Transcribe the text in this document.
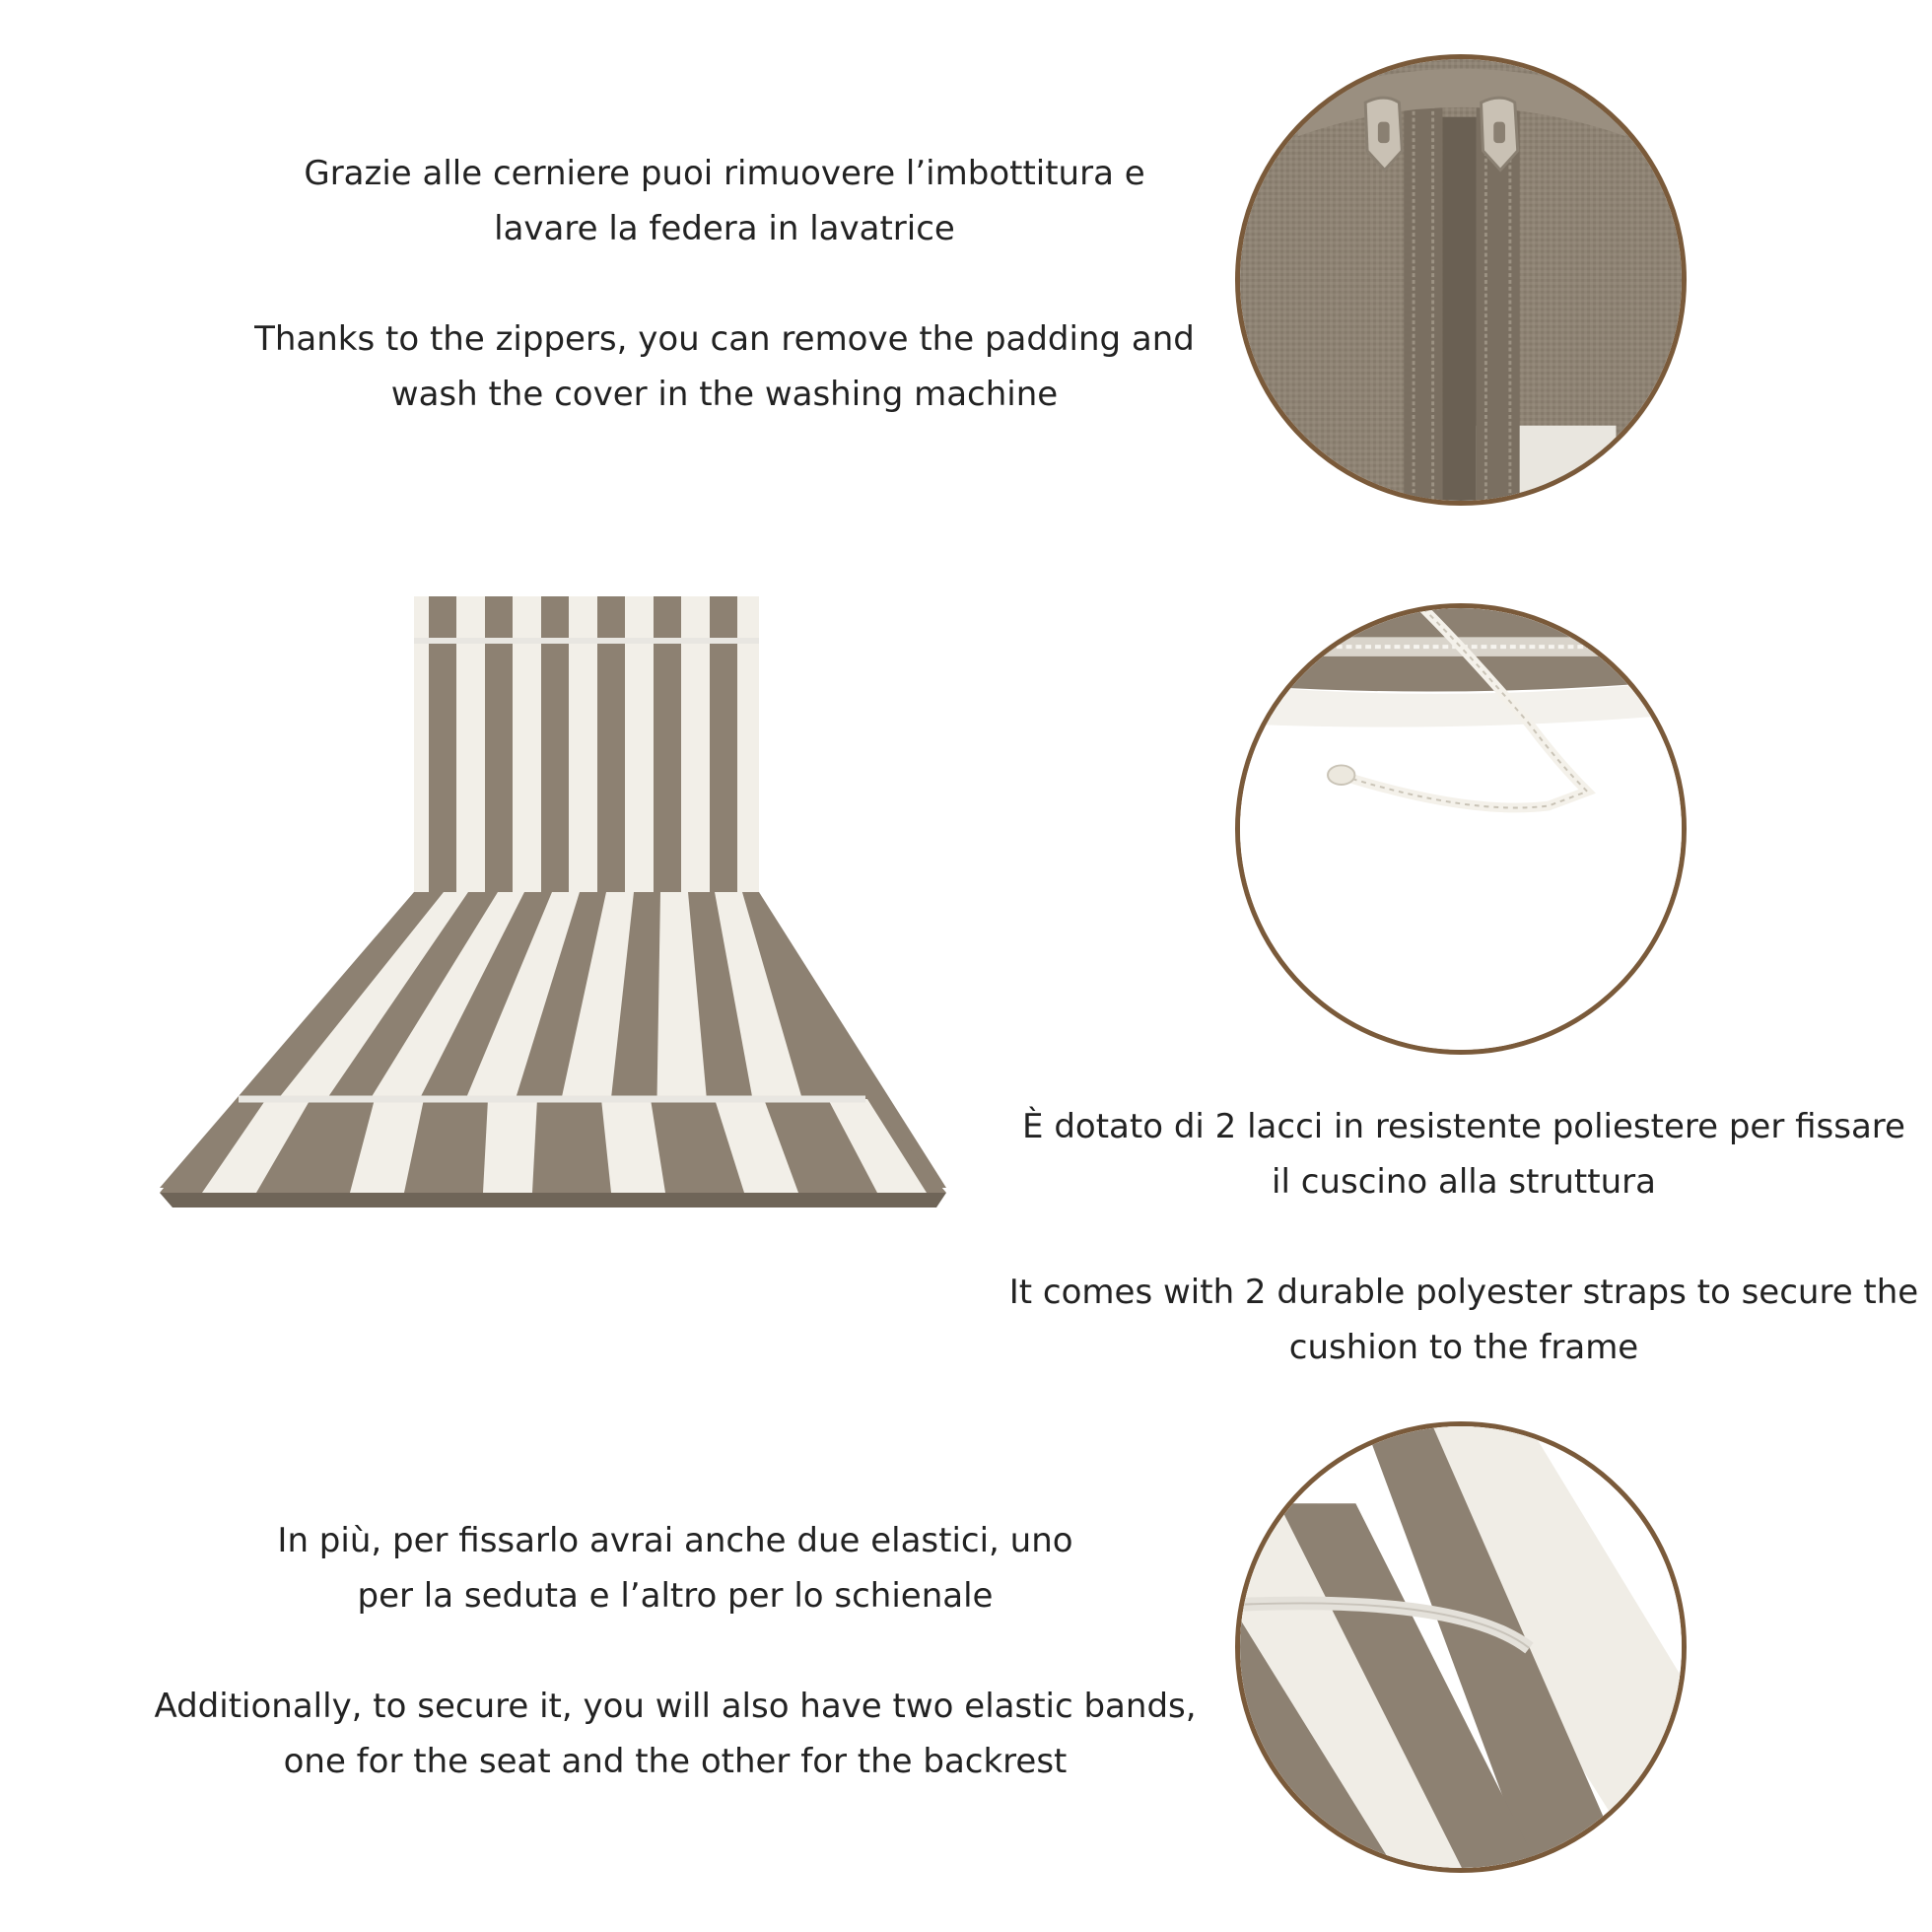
Grazie alle cerniere puoi rimuovere l’imbottitura e
lavare la federa in lavatrice

Thanks to the zippers, you can remove the padding and
wash the cover in the washing machine

È dotato di 2 lacci in resistente poliestere per fissare
il cuscino alla struttura

It comes with 2 durable polyester straps to secure the
cushion to the frame

In più, per fissarlo avrai anche due elastici, uno
per la seduta e l’altro per lo schienale

Additionally, to secure it, you will also have two elastic bands,
one for the seat and the other for the backrest
